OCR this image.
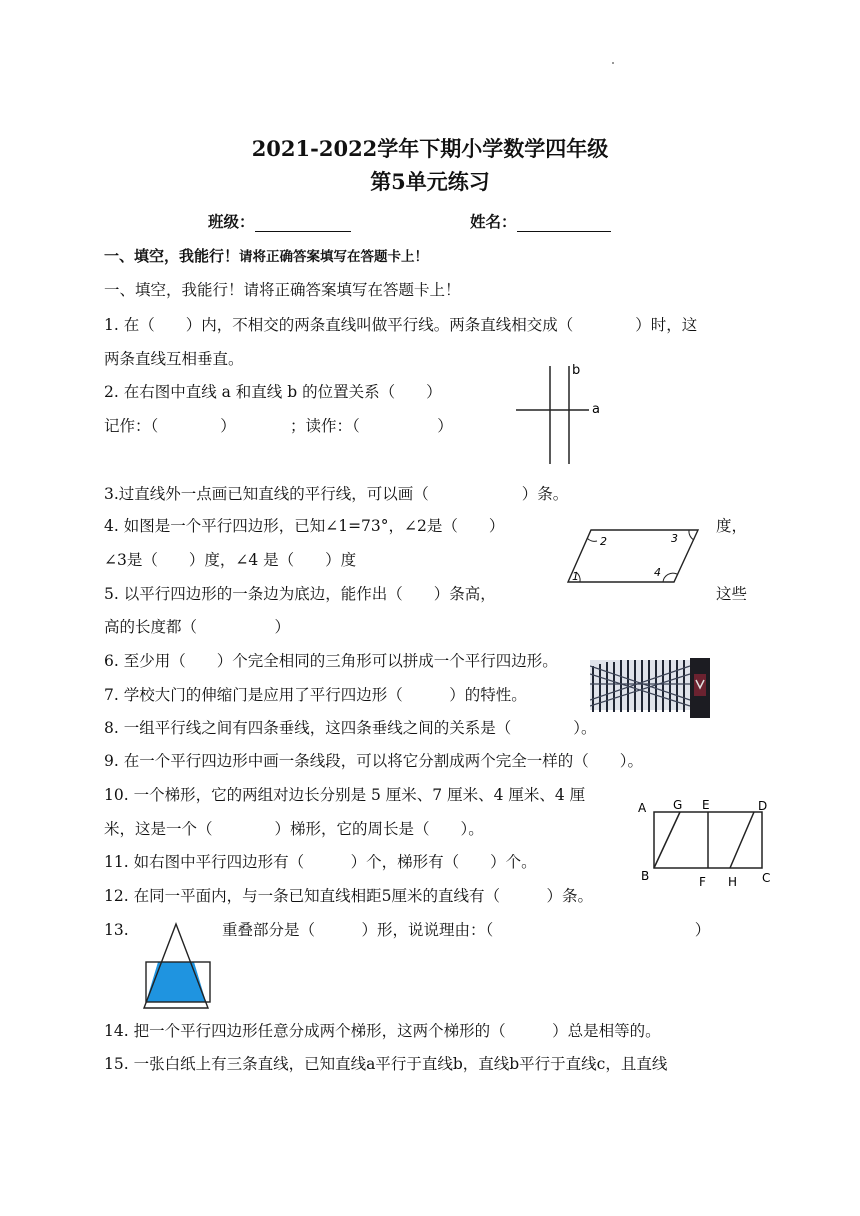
2021-2022学年下期小学数学四年级
第5单元练习
班级：	姓名：
一、填空，我能行！请将正确答案填写在答题卡上！
一、填空，我能行！请将正确答案填写在答题卡上！
1. 在（　　）内，不相交的两条直线叫做平行线。两条直线相交成（　　　　）时，这
两条直线互相垂直。
2. 在右图中直线 a 和直线 b 的位置关系（　　）
记作：（　　　　）　　　　；读作：（　　　　　）
b
a
3.过直线外一点画已知直线的平行线，可以画（　　　　　　）条。
4. 如图是一个平行四边形，已知∠1=73°，∠2是（　　）	度，
∠3是（　　）度，∠4 是（　　）度
1
2	3
4
5. 以平行四边形的一条边为底边，能作出（　　）条高，	这些
高的长度都（　　　　　）
6. 至少用（　　）个完全相同的三角形可以拼成一个平行四边形。
7. 学校大门的伸缩门是应用了平行四边形（　　　）的特性。
8. 一组平行线之间有四条垂线，这四条垂线之间的关系是（　　　　）。
9. 在一个平行四边形中画一条线段，可以将它分割成两个完全一样的（　　）。
10. 一个梯形，它的两组对边长分别是 5 厘米、7 厘米、4 厘米、4 厘
米，这是一个（　　　　）梯形，它的周长是（　　）。
A G E	D
B	F H C
11. 如右图中平行四边形有（　　　）个，梯形有（　　）个。
12. 在同一平面内，与一条已知直线相距5厘米的直线有（　　　）条。
13.	重叠部分是（　　　）形，说说理由：（　　　　　　　　　　　　　）
14. 把一个平行四边形任意分成两个梯形，这两个梯形的（　　　）总是相等的。
15. 一张白纸上有三条直线，已知直线a平行于直线b，直线b平行于直线c，且直线
